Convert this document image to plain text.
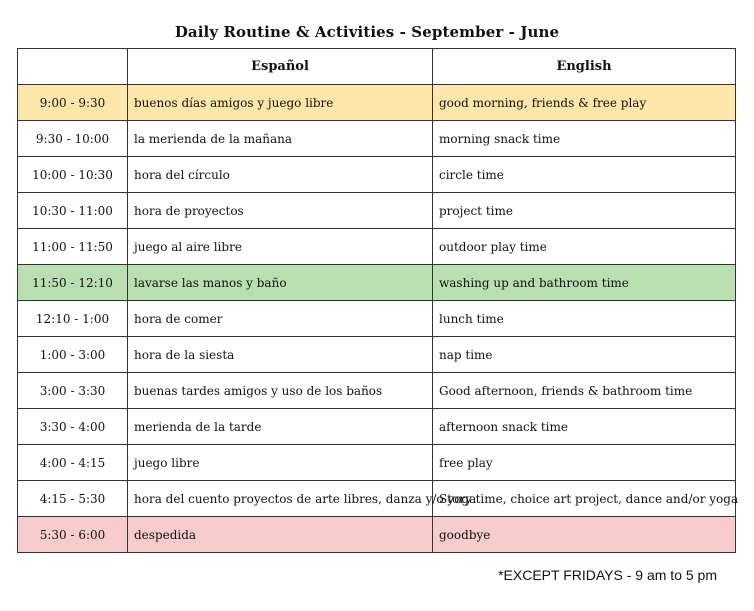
Daily Routine & Activities - September - June
	Español	English
9:00 - 9:30	buenos días amigos y juego libre	good morning, friends & free play
9:30 - 10:00	la merienda de la mañana	morning snack time
10:00 - 10:30	hora del círculo	circle time
10:30 - 11:00	hora de proyectos	project time
11:00 - 11:50	juego al aire libre	outdoor play time
11:50 - 12:10	lavarse las manos y baño	washing up and bathroom time
12:10 - 1:00	hora de comer	lunch time
1:00 - 3:00	hora de la siesta	nap time
3:00 - 3:30	buenas tardes amigos y uso de los baños	Good afternoon, friends & bathroom time
3:30 - 4:00	merienda de la tarde	afternoon snack time
4:00 - 4:15	juego libre	free play
4:15 - 5:30	hora del cuento proyectos de arte libres, danza y/o yoga	Story time, choice art project, dance and/or yoga
5:30 - 6:00	despedida	goodbye
*EXCEPT FRIDAYS - 9 am to 5 pm
